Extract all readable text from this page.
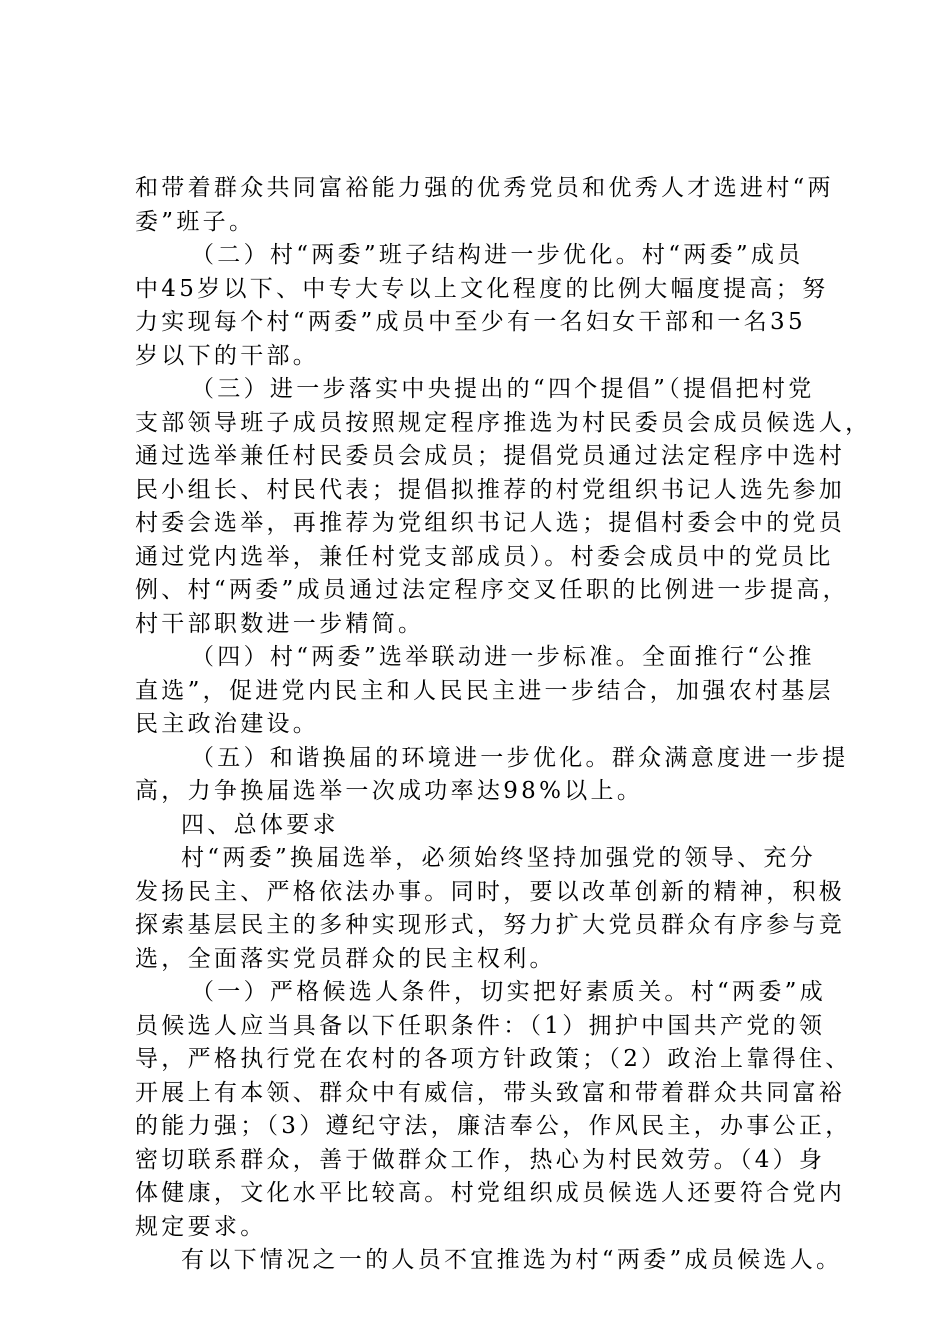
和带着群众共同富裕能力强的优秀党员和优秀人才选进村“两
委”班子。
（二）村“两委”班子结构进一步优化。村“两委”成员
中45岁以下、中专大专以上文化程度的比例大幅度提高；努
力实现每个村“两委”成员中至少有一名妇女干部和一名35
岁以下的干部。
（三）进一步落实中央提出的“四个提倡”（提倡把村党
支部领导班子成员按照规定程序推选为村民委员会成员候选人，
通过选举兼任村民委员会成员；提倡党员通过法定程序中选村
民小组长、村民代表；提倡拟推荐的村党组织书记人选先参加
村委会选举，再推荐为党组织书记人选；提倡村委会中的党员
通过党内选举，兼任村党支部成员）。村委会成员中的党员比
例、村“两委”成员通过法定程序交叉任职的比例进一步提高，
村干部职数进一步精简。
（四）村“两委”选举联动进一步标准。全面推行“公推
直选”，促进党内民主和人民民主进一步结合，加强农村基层
民主政治建设。
（五）和谐换届的环境进一步优化。群众满意度进一步提
高，力争换届选举一次成功率达98%以上。
四、总体要求
村“两委”换届选举，必须始终坚持加强党的领导、充分
发扬民主、严格依法办事。同时，要以改革创新的精神，积极
探索基层民主的多种实现形式，努力扩大党员群众有序参与竞
选，全面落实党员群众的民主权利。
（一）严格候选人条件，切实把好素质关。村“两委”成
员候选人应当具备以下任职条件：（1）拥护中国共产党的领
导，严格执行党在农村的各项方针政策；（2）政治上靠得住、
开展上有本领、群众中有威信，带头致富和带着群众共同富裕
的能力强；（3）遵纪守法，廉洁奉公，作风民主，办事公正，
密切联系群众，善于做群众工作，热心为村民效劳。（4）身
体健康，文化水平比较高。村党组织成员候选人还要符合党内
规定要求。
有以下情况之一的人员不宜推选为村“两委”成员候选人。
